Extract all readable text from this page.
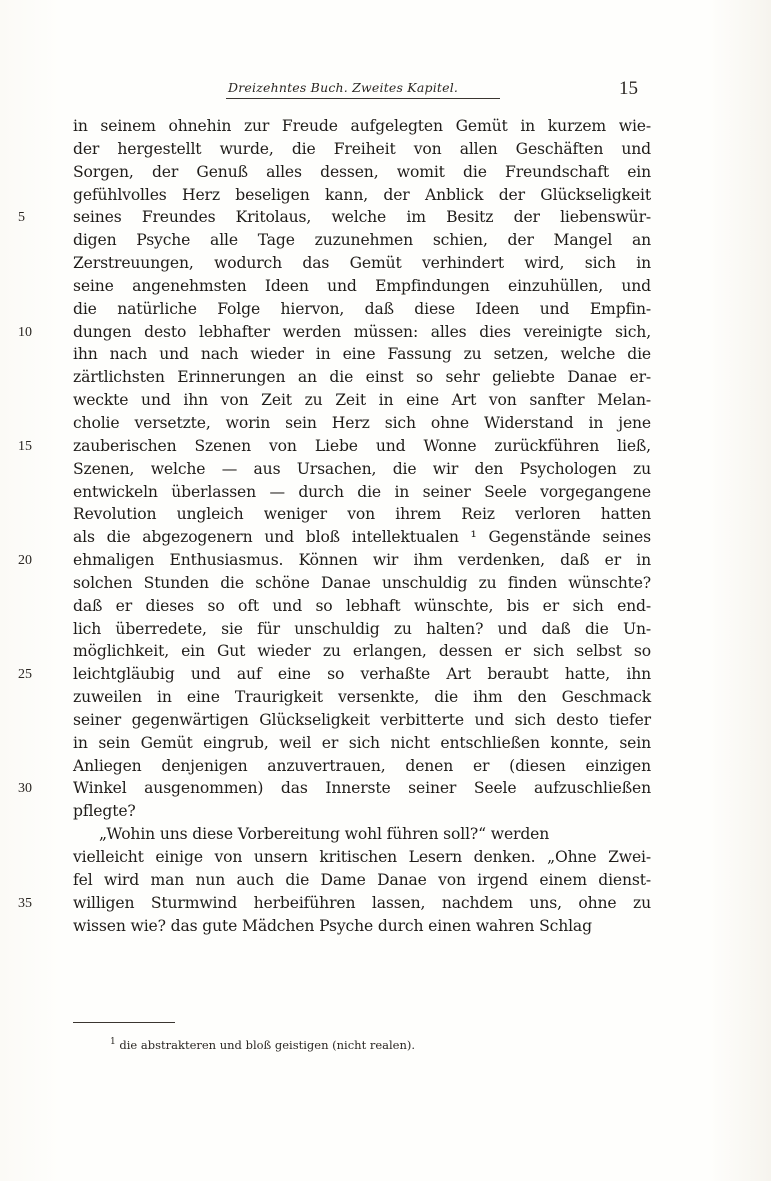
Dreizehntes Buch. Zweites Kapitel.	15
in seinem ohnehin zur Freude aufgelegten Gemüt in kurzem wie-
der hergestellt wurde, die Freiheit von allen Geschäften und
Sorgen, der Genuß alles dessen, womit die Freundschaft ein
gefühlvolles Herz beseligen kann, der Anblick der Glückseligkeit
5	seines Freundes Kritolaus, welche im Besitz der liebenswür-
digen Psyche alle Tage zuzunehmen schien, der Mangel an
Zerstreuungen, wodurch das Gemüt verhindert wird, sich in
seine angenehmsten Ideen und Empfindungen einzuhüllen, und
die natürliche Folge hiervon, daß diese Ideen und Empfin-
10	dungen desto lebhafter werden müssen: alles dies vereinigte sich,
ihn nach und nach wieder in eine Fassung zu setzen, welche die
zärtlichsten Erinnerungen an die einst so sehr geliebte Danae er-
weckte und ihn von Zeit zu Zeit in eine Art von sanfter Melan-
cholie versetzte, worin sein Herz sich ohne Widerstand in jene
15	zauberischen Szenen von Liebe und Wonne zurückführen ließ,
Szenen, welche — aus Ursachen, die wir den Psychologen zu
entwickeln überlassen — durch die in seiner Seele vorgegangene
Revolution ungleich weniger von ihrem Reiz verloren hatten
als die abgezogenern und bloß intellektualen ¹ Gegenstände seines
20	ehmaligen Enthusiasmus. Können wir ihm verdenken, daß er in
solchen Stunden die schöne Danae unschuldig zu finden wünschte?
daß er dieses so oft und so lebhaft wünschte, bis er sich end-
lich überredete, sie für unschuldig zu halten? und daß die Un-
möglichkeit, ein Gut wieder zu erlangen, dessen er sich selbst so
25	leichtgläubig und auf eine so verhaßte Art beraubt hatte, ihn
zuweilen in eine Traurigkeit versenkte, die ihm den Geschmack
seiner gegenwärtigen Glückseligkeit verbitterte und sich desto tiefer
in sein Gemüt eingrub, weil er sich nicht entschließen konnte, sein
Anliegen denjenigen anzuvertrauen, denen er (diesen einzigen
30	Winkel ausgenommen) das Innerste seiner Seele aufzuschließen
pflegte?
„Wohin uns diese Vorbereitung wohl führen soll?“ werden
vielleicht einige von unsern kritischen Lesern denken. „Ohne Zwei-
fel wird man nun auch die Dame Danae von irgend einem dienst-
35	willigen Sturmwind herbeiführen lassen, nachdem uns, ohne zu
wissen wie? das gute Mädchen Psyche durch einen wahren Schlag
$^1$ die abstrakteren und bloß geistigen (nicht realen).
